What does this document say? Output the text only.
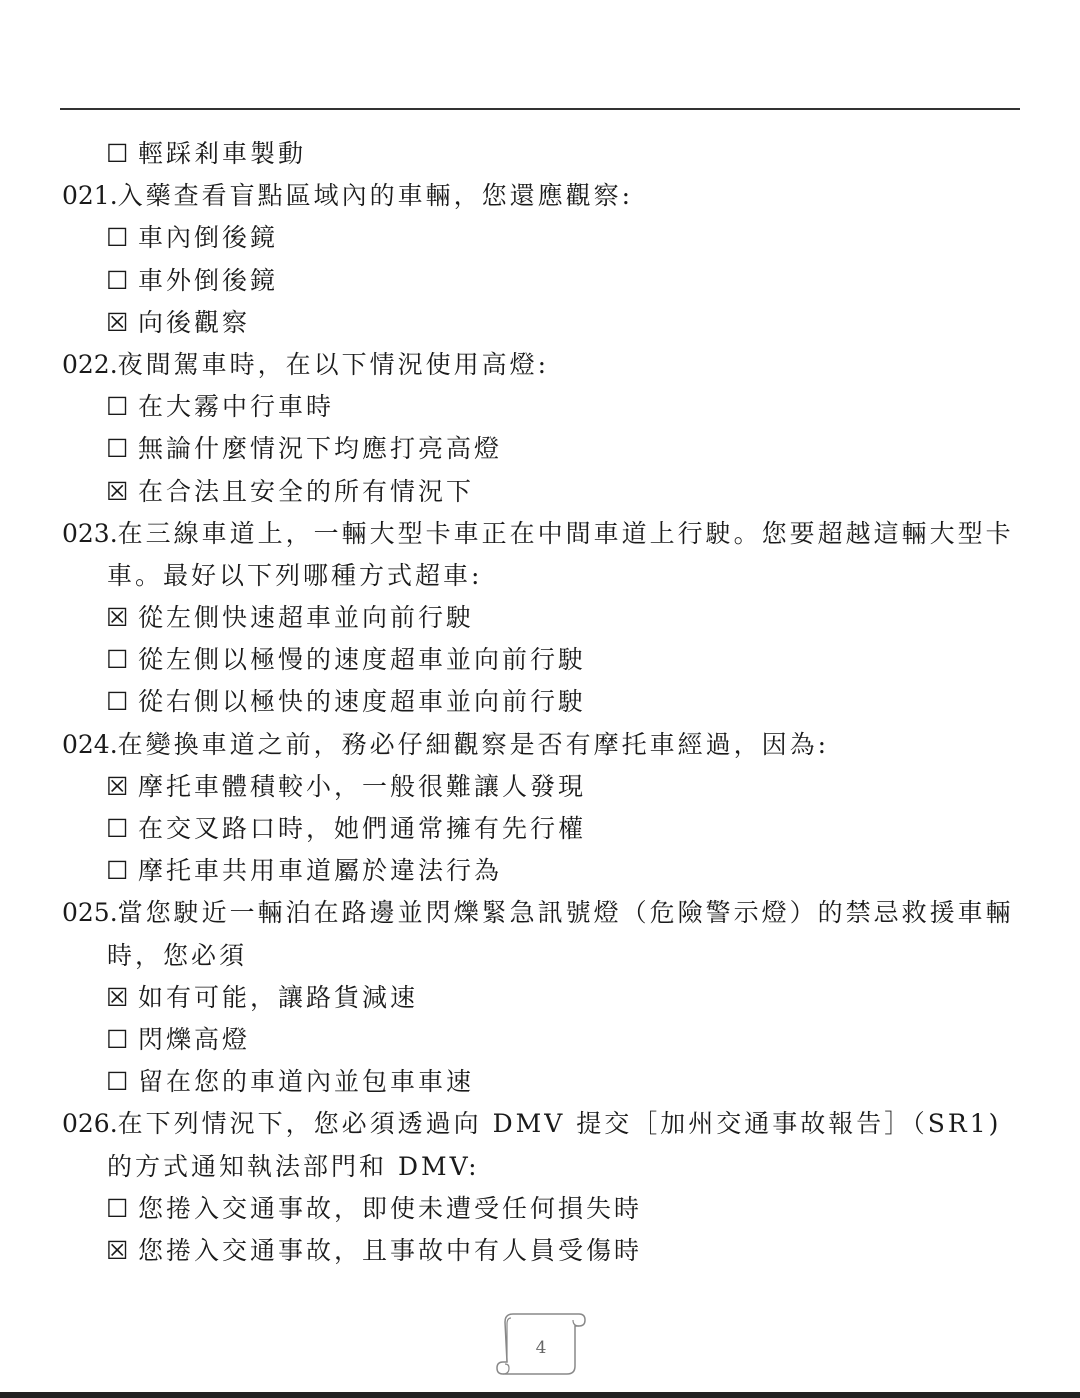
☐ 輕踩剎車製動
021.入藥查看盲點區域內的車輛，您還應觀察:
☐ 車內倒後鏡
☐ 車外倒後鏡
☒ 向後觀察
022.夜間駕車時，在以下情況使用高燈:
☐ 在大霧中行車時
☐ 無論什麼情況下均應打亮高燈
☒ 在合法且安全的所有情況下
023.在三線車道上，一輛大型卡車正在中間車道上行駛。您要超越這輛大型卡
車。最好以下列哪種方式超車:
☒ 從左側快速超車並向前行駛
☐ 從左側以極慢的速度超車並向前行駛
☐ 從右側以極快的速度超車並向前行駛
024.在變換車道之前，務必仔細觀察是否有摩托車經過，因為:
☒ 摩托車體積較小，一般很難讓人發現
☐ 在交叉路口時，她們通常擁有先行權
☐ 摩托車共用車道屬於違法行為
025.當您駛近一輛泊在路邊並閃爍緊急訊號燈（危險警示燈）的禁忌救援車輛
時，您必須
☒ 如有可能，讓路貨減速
☐ 閃爍高燈
☐ 留在您的車道內並包車車速
026.在下列情況下，您必須透過向 DMV 提交［加州交通事故報告］（SR1)
的方式通知執法部門和 DMV:
☐ 您捲入交通事故，即使未遭受任何損失時
☒ 您捲入交通事故，且事故中有人員受傷時
4
